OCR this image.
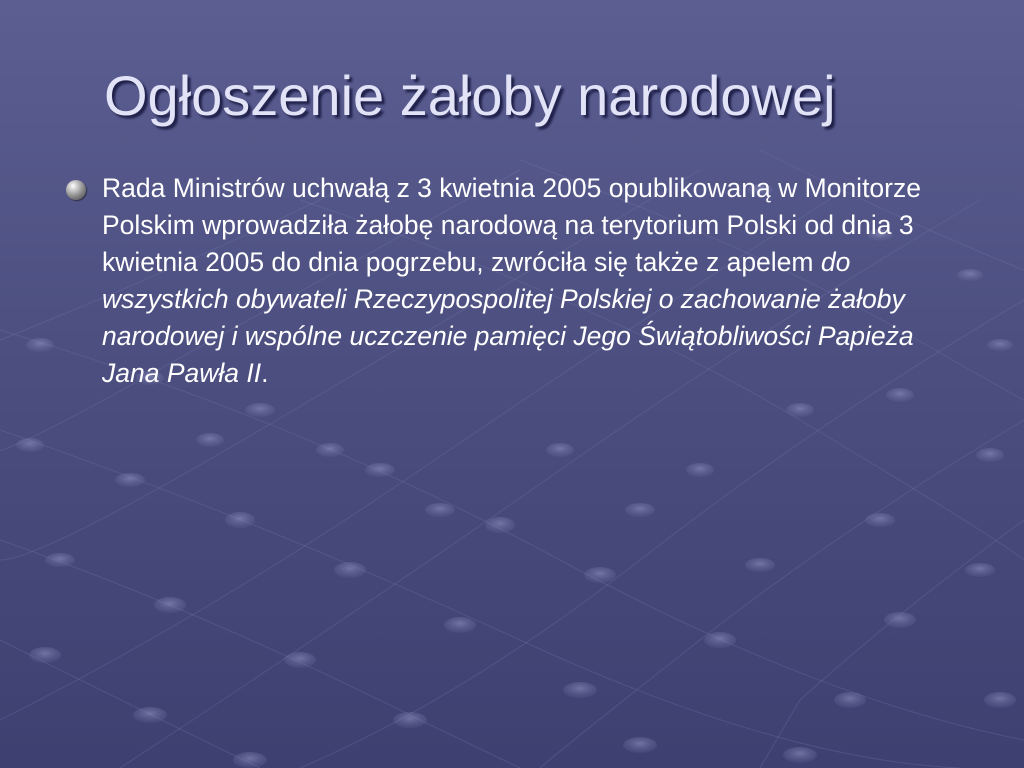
Ogłoszenie żałoby narodowej
Rada Ministrów uchwałą z 3 kwietnia 2005 opublikowaną w Monitorze Polskim wprowadziła żałobę narodową na terytorium Polski od dnia 3 kwietnia 2005 do dnia pogrzebu, zwróciła się także z apelem do wszystkich obywateli Rzeczypospolitej Polskiej o zachowanie żałoby narodowej i wspólne uczczenie pamięci Jego Świątobliwości Papieża Jana Pawła II.
